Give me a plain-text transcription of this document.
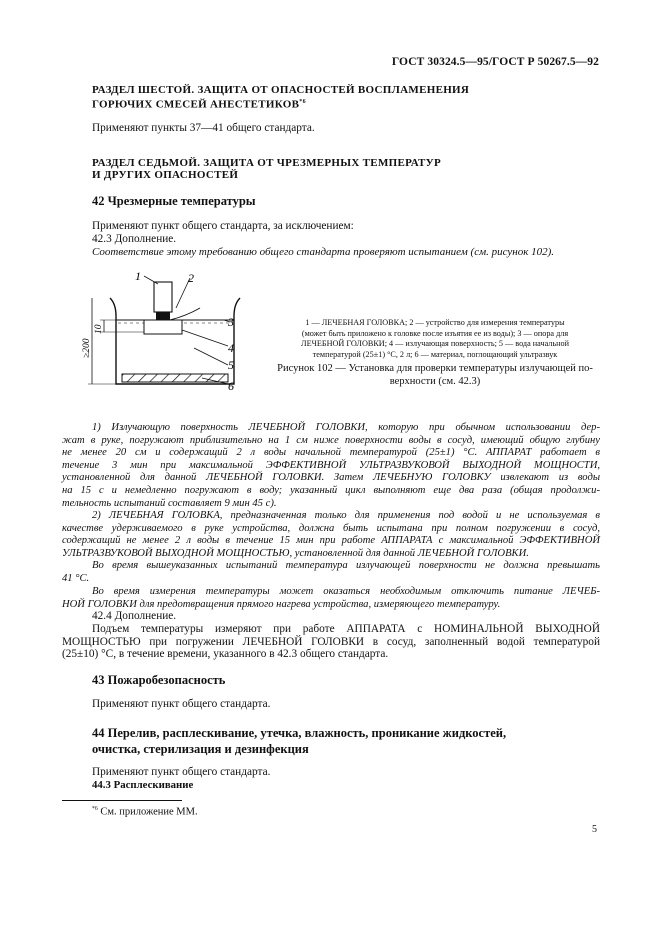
ГОСТ 30324.5—95/ГОСТ Р 50267.5—92
РАЗДЕЛ ШЕСТОЙ. ЗАЩИТА ОТ ОПАСНОСТЕЙ ВОСПЛАМЕНЕНИЯ
ГОРЮЧИХ СМЕСЕЙ АНЕСТЕТИКОВ$^{*6}$
Применяют пункты 37—41 общего стандарта.
РАЗДЕЛ СЕДЬМОЙ. ЗАЩИТА ОТ ЧРЕЗМЕРНЫХ ТЕМПЕРАТУР
И ДРУГИХ ОПАСНОСТЕЙ
42 Чрезмерные температуры
Применяют пункт общего стандарта, за исключением:
42.3 Дополнение.
Соответствие этому требованию общего стандарта проверяют испытанием (см. рисунок 102).
1	2
3
4
5
6
10
≥200
1 — ЛЕЧЕБНАЯ ГОЛОВКА; 2 — устройство для измерения температуры
(может быть приложено к головке после изъятия ее из воды); 3 — опора для
ЛЕЧЕБНОЙ ГОЛОВКИ; 4 — излучающая поверхность; 5 — вода начальной
температурой (25±1) °С, 2 л; 6 — материал, поглощающий ультразвук
Рисунок 102 — Установка для проверки температуры излучающей по-
верхности (см. 42.3)
1) Излучающую поверхность ЛЕЧЕБНОЙ ГОЛОВКИ, которую при обычном использовании дер-
жат в руке, погружают приблизительно на 1 см ниже поверхности воды в сосуд, имеющий общую глубину
не менее 20 см и содержащий 2 л воды начальной температурой (25±1) °С. АППАРАТ работает в
течение 3 мин при максимальной ЭФФЕКТИВНОЙ УЛЬТРАЗВУКОВОЙ ВЫХОДНОЙ МОЩНОСТИ,
установленной для данной ЛЕЧЕБНОЙ ГОЛОВКИ. Затем ЛЕЧЕБНУЮ ГОЛОВКУ извлекают из воды
на 15 с и немедленно погружают в воду; указанный цикл выполняют еще два раза (общая продолжи-
тельность испытаний составляет 9 мин 45 с).
2) ЛЕЧЕБНАЯ ГОЛОВКА, предназначенная только для применения под водой и не используемая в
качестве удерживаемого в руке устройства, должна быть испытана при полном погружении в сосуд,
содержащий не менее 2 л воды в течение 15 мин при работе АППАРАТА с максимальной ЭФФЕКТИВНОЙ
УЛЬТРАЗВУКОВОЙ ВЫХОДНОЙ МОЩНОСТЬЮ, установленной для данной ЛЕЧЕБНОЙ ГОЛОВКИ.
Во время вышеуказанных испытаний температура излучающей поверхности не должна превышать
41 °С.
Во время измерения температуры может оказаться необходимым отключить питание ЛЕЧЕБ-
НОЙ ГОЛОВКИ для предотвращения прямого нагрева устройства, измеряющего температуру.
42.4 Дополнение.
Подъем температуры измеряют при работе АППАРАТА с НОМИНАЛЬНОЙ ВЫХОДНОЙ
МОЩНОСТЬЮ при погружении ЛЕЧЕБНОЙ ГОЛОВКИ в сосуд, заполненный водой температурой
(25±10) °С, в течение времени, указанного в 42.3 общего стандарта.
43 Пожаробезопасность
Применяют пункт общего стандарта.
44 Перелив, расплескивание, утечка, влажность, проникание жидкостей,
очистка, стерилизация и дезинфекция
Применяют пункт общего стандарта.
44.3 Расплескивание
$^{*6}$ См. приложение ММ.
5
